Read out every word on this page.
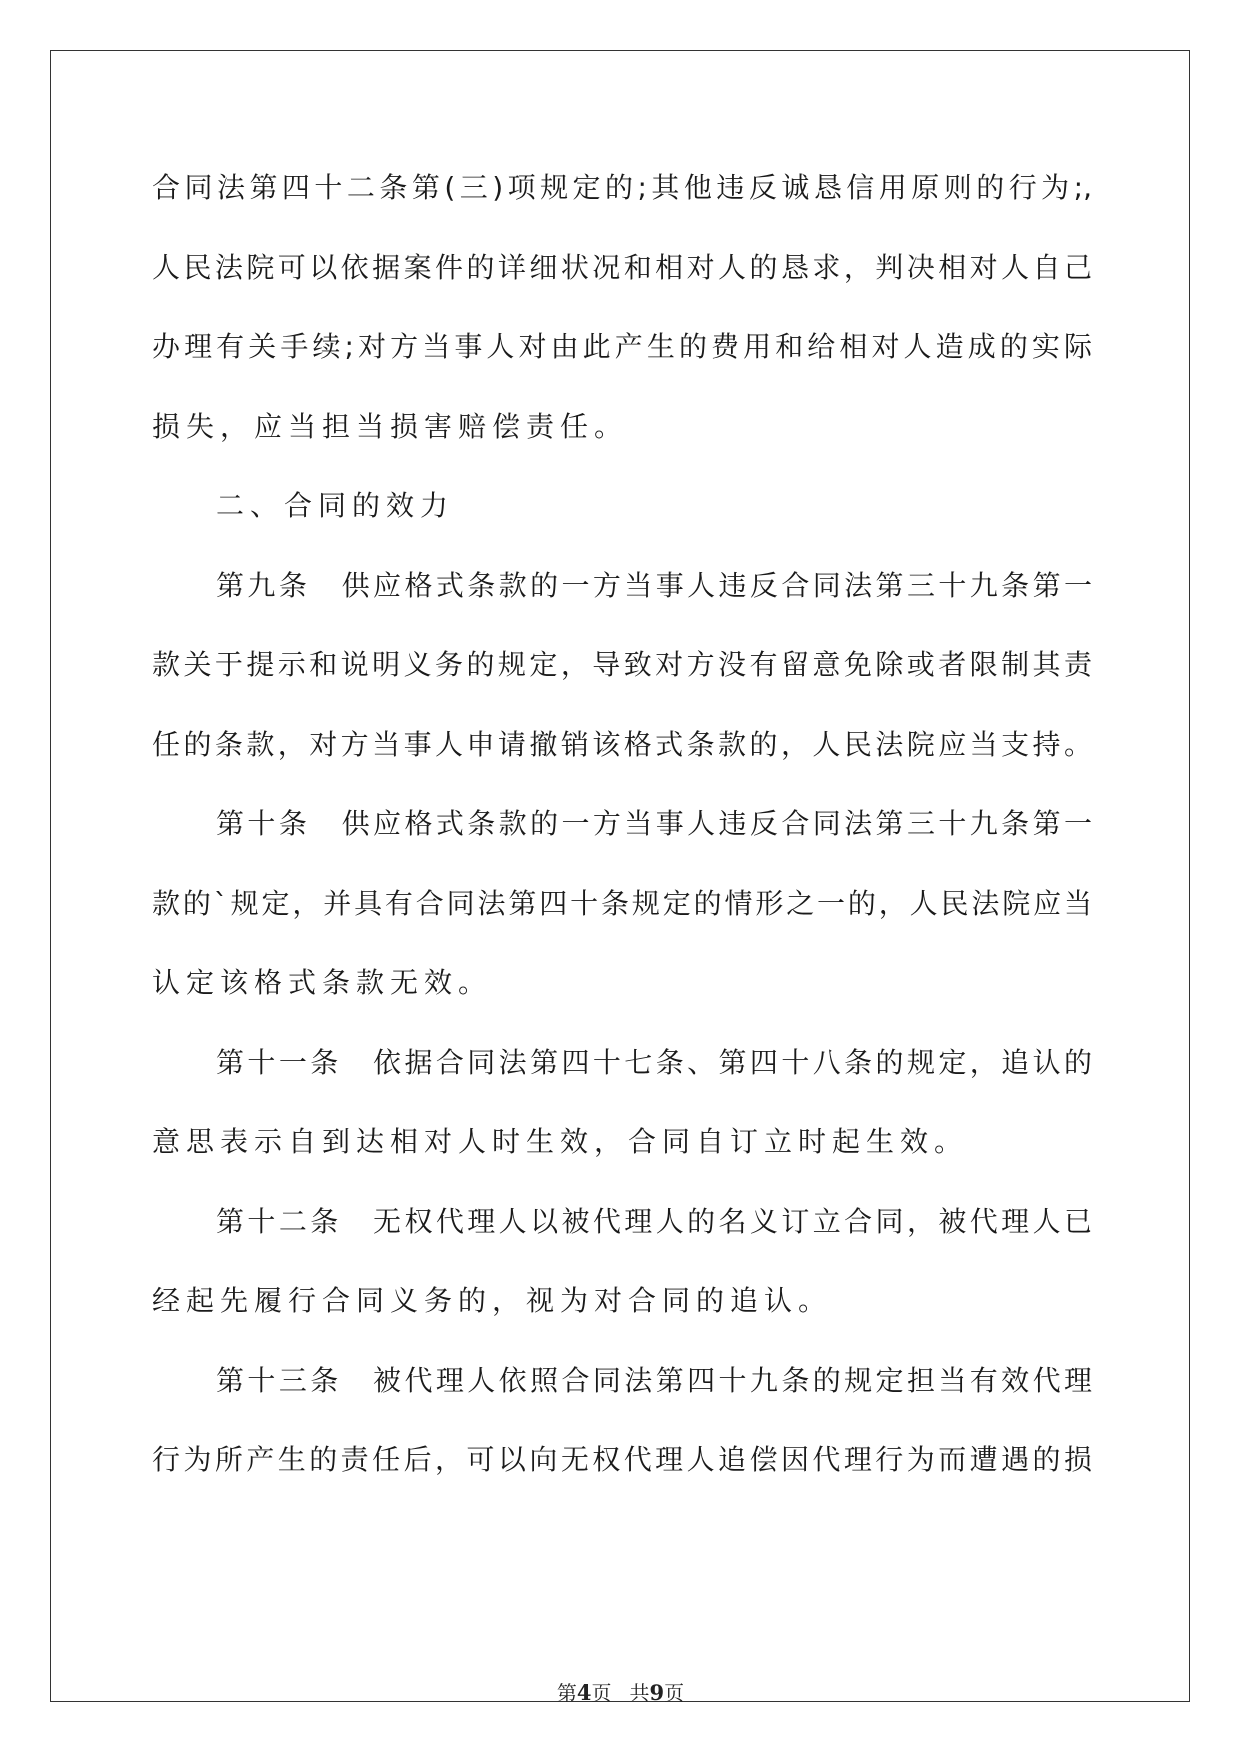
合同法第四十二条第(三)项规定的;其他违反诚恳信用原则的行为;,
人民法院可以依据案件的详细状况和相对人的恳求，判决相对人自己
办理有关手续;对方当事人对由此产生的费用和给相对人造成的实际
损失，应当担当损害赔偿责任。
二、合同的效力
第九条　供应格式条款的一方当事人违反合同法第三十九条第一
款关于提示和说明义务的规定，导致对方没有留意免除或者限制其责
任的条款，对方当事人申请撤销该格式条款的，人民法院应当支持。
第十条　供应格式条款的一方当事人违反合同法第三十九条第一
款的`规定，并具有合同法第四十条规定的情形之一的，人民法院应当
认定该格式条款无效。
第十一条　依据合同法第四十七条、第四十八条的规定，追认的
意思表示自到达相对人时生效，合同自订立时起生效。
第十二条　无权代理人以被代理人的名义订立合同，被代理人已
经起先履行合同义务的，视为对合同的追认。
第十三条　被代理人依照合同法第四十九条的规定担当有效代理
行为所产生的责任后，可以向无权代理人追偿因代理行为而遭遇的损
第4页 共9页
